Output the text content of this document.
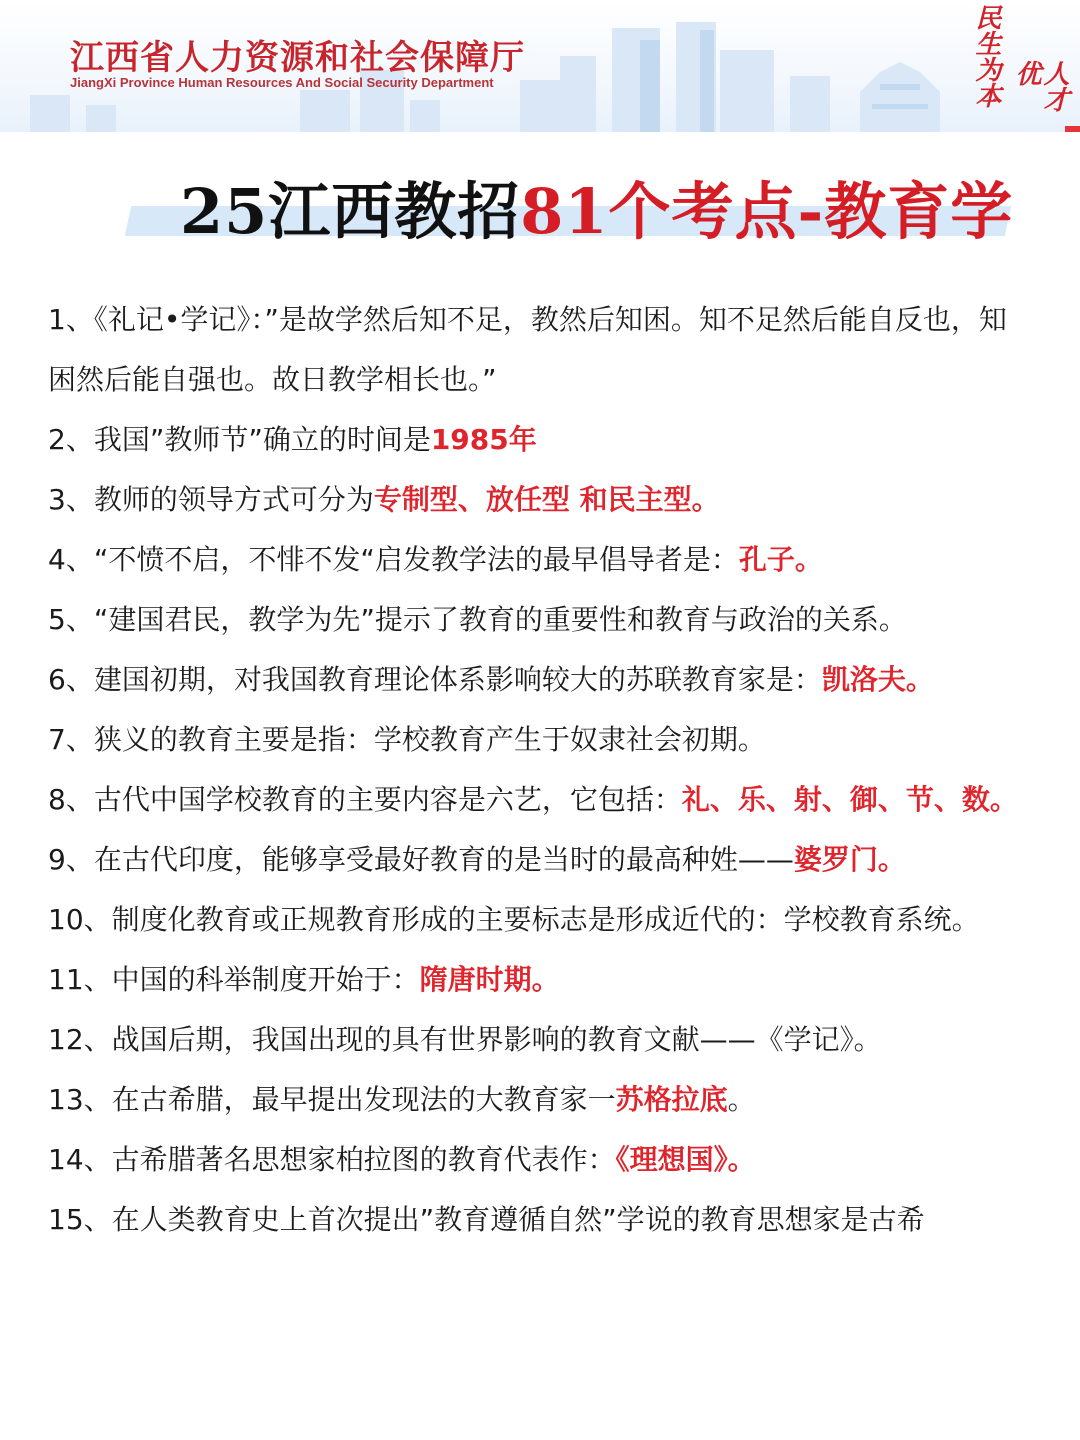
江西省人力资源和社会保障厅
JiangXi Province Human Resources And Social Security Department	民生为本	人才优
25江西教招81个考点-教育学
1、《礼记•学记》：”是故学然后知不足，教然后知困。知不足然后能自反也，知困然后能自强也。故日教学相长也。”
2、我国”教师节”确立的时间是1985年
3、教师的领导方式可分为专制型、放任型 和民主型。
4、“不愤不启，不悱不发“启发教学法的最早倡导者是：孔子。
5、“建国君民，教学为先”提示了教育的重要性和教育与政治的关系。
6、建国初期，对我国教育理论体系影响较大的苏联教育家是：凯洛夫。
7、狭义的教育主要是指：学校教育产生于奴隶社会初期。
8、古代中国学校教育的主要内容是六艺，它包括：礼、乐、射、御、节、数。
9、在古代印度，能够享受最好教育的是当时的最高种姓——婆罗门。
10、制度化教育或正规教育形成的主要标志是形成近代的：学校教育系统。
11、中国的科举制度开始于：隋唐时期。
12、战国后期，我国出现的具有世界影响的教育文献——《学记》。
13、在古希腊，最早提出发现法的大教育家一苏格拉底。
14、古希腊著名思想家柏拉图的教育代表作：《理想国》。
15、在人类教育史上首次提出”教育遵循自然”学说的教育思想家是古希
